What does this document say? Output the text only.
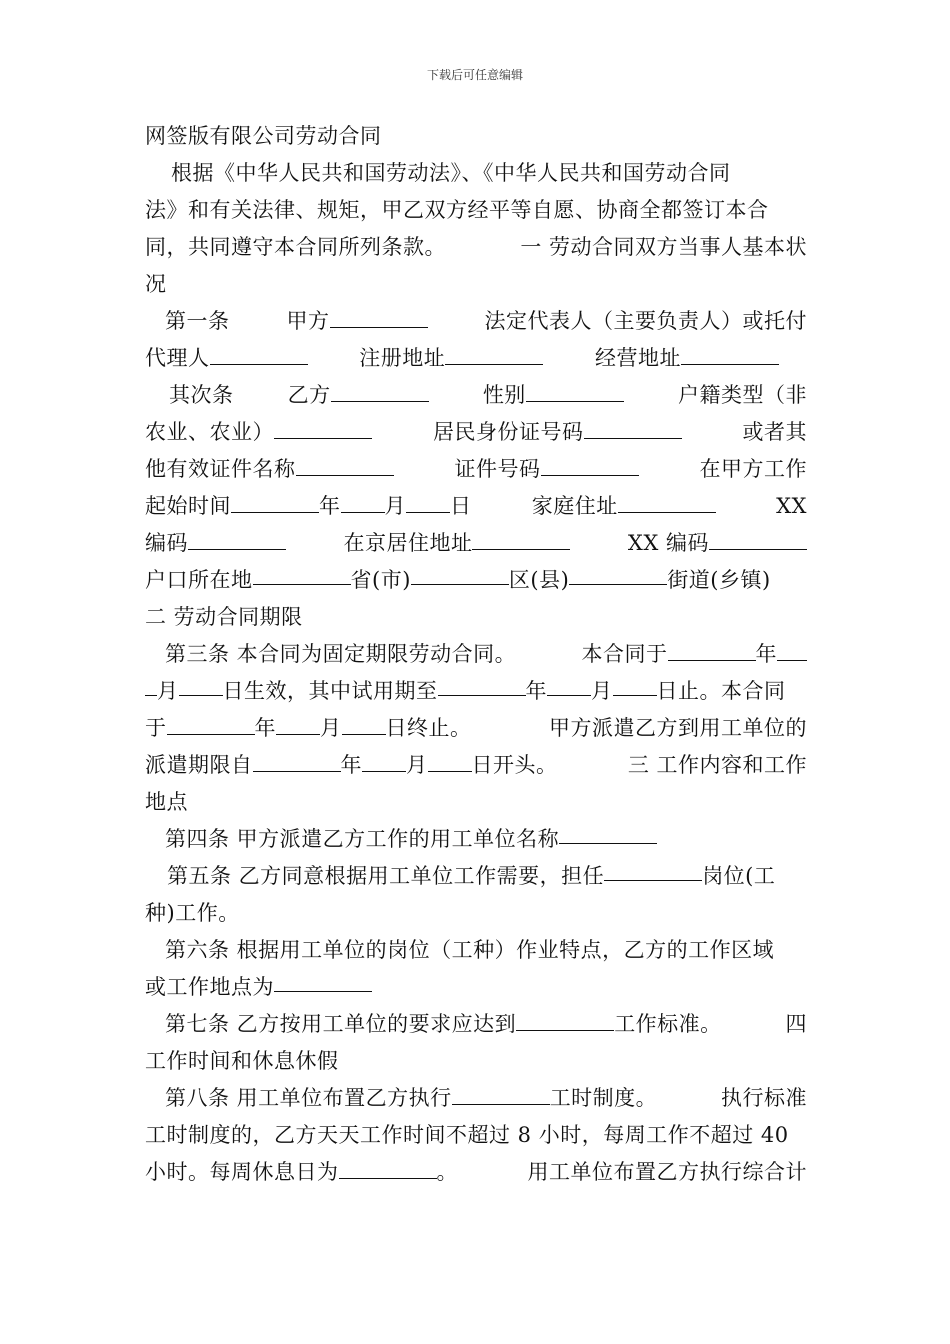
下载后可任意编辑
网签版有限公司劳动合同
根据《中华人民共和国劳动法》、《中华人民共和国劳动合同
法》和有关法律、规矩，甲乙双方经平等自愿、协商全都签订本合
同，共同遵守本合同所列条款。	一 劳动合同双方当事人基本状
况
第一条	甲方	法定代表人（主要负责人）或托付
代理人	注册地址	经营地址
其次条	乙方	性别	户籍类型（非
农业、农业）	居民身份证号码	或者其
他有效证件名称	证件号码	在甲方工作
起始时间	年 月 日	家庭住址	XX
编码	在京居住地址	XX 编码
户口所在地	省(市)	区(县)	街道(乡镇)
二 劳动合同期限
第三条 本合同为固定期限劳动合同。	本合同于	年
月 日生效，其中试用期至	年 月 日止。本合同
于	年 月 日终止。	甲方派遣乙方到用工单位的
派遣期限自	年 月 日开头。	三 工作内容和工作
地点
第四条 甲方派遣乙方工作的用工单位名称
第五条 乙方同意根据用工单位工作需要，担任	岗位(工
种)工作。
第六条 根据用工单位的岗位（工种）作业特点，乙方的工作区域
或工作地点为
第七条 乙方按用工单位的要求应达到	工作标准。	四
工作时间和休息休假
第八条 用工单位布置乙方执行	工时制度。	执行标准
工时制度的，乙方天天工作时间不超过 8 小时，每周工作不超过 40
小时。每周休息日为	。	用工单位布置乙方执行综合计
